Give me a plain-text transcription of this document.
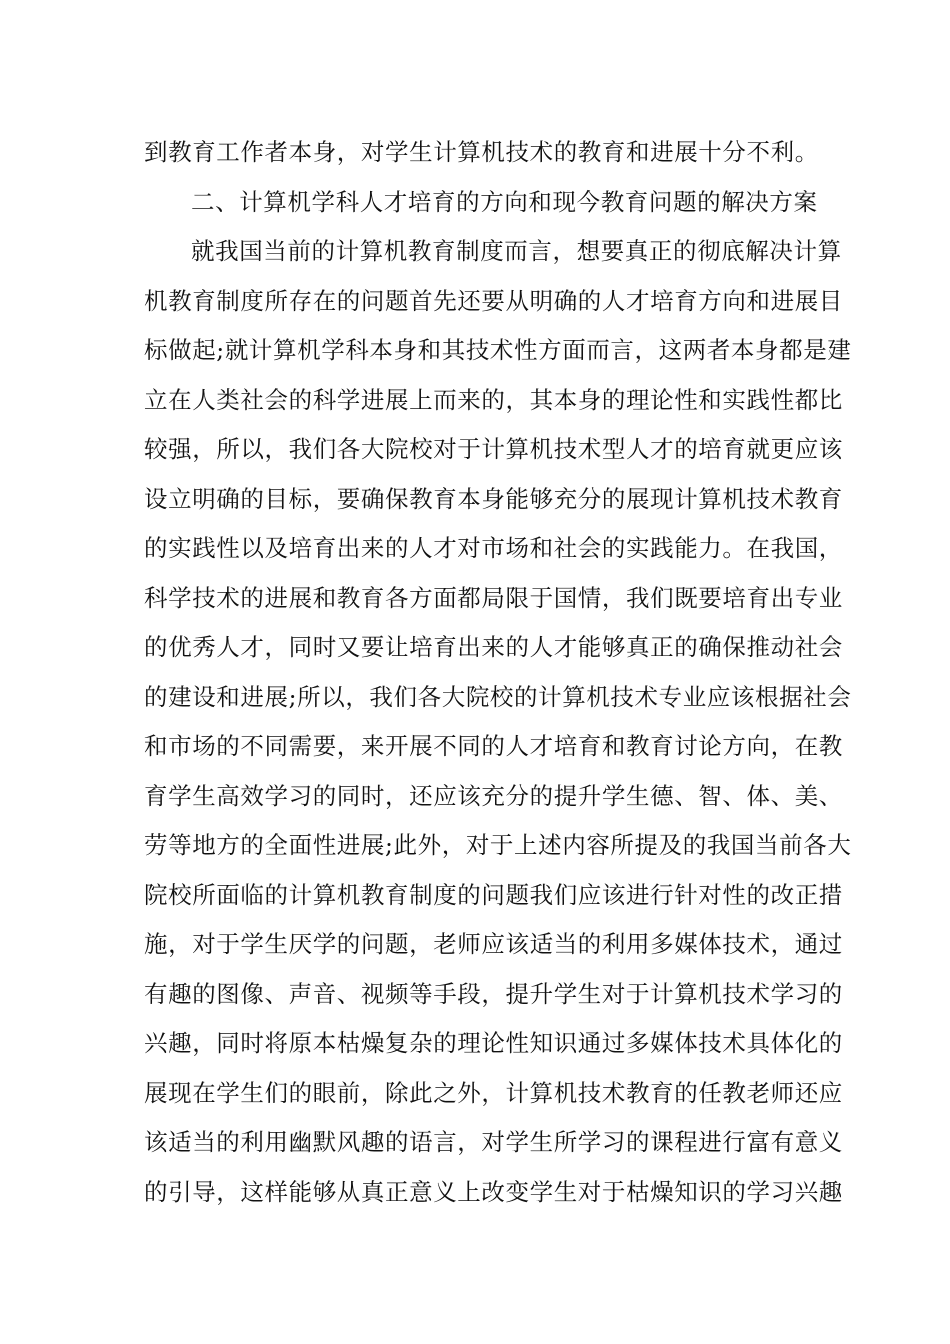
到教育工作者本身，对学生计算机技术的教育和进展十分不利。
二、计算机学科人才培育的方向和现今教育问题的解决方案
就我国当前的计算机教育制度而言，想要真正的彻底解决计算
机教育制度所存在的问题首先还要从明确的人才培育方向和进展目
标做起;就计算机学科本身和其技术性方面而言，这两者本身都是建
立在人类社会的科学进展上而来的，其本身的理论性和实践性都比
较强，所以，我们各大院校对于计算机技术型人才的培育就更应该
设立明确的目标，要确保教育本身能够充分的展现计算机技术教育
的实践性以及培育出来的人才对市场和社会的实践能力。在我国，
科学技术的进展和教育各方面都局限于国情，我们既要培育出专业
的优秀人才，同时又要让培育出来的人才能够真正的确保推动社会
的建设和进展;所以，我们各大院校的计算机技术专业应该根据社会
和市场的不同需要，来开展不同的人才培育和教育讨论方向，在教
育学生高效学习的同时，还应该充分的提升学生德、智、体、美、
劳等地方的全面性进展;此外，对于上述内容所提及的我国当前各大
院校所面临的计算机教育制度的问题我们应该进行针对性的改正措
施，对于学生厌学的问题，老师应该适当的利用多媒体技术，通过
有趣的图像、声音、视频等手段，提升学生对于计算机技术学习的
兴趣，同时将原本枯燥复杂的理论性知识通过多媒体技术具体化的
展现在学生们的眼前，除此之外，计算机技术教育的任教老师还应
该适当的利用幽默风趣的语言，对学生所学习的课程进行富有意义
的引导，这样能够从真正意义上改变学生对于枯燥知识的学习兴趣
